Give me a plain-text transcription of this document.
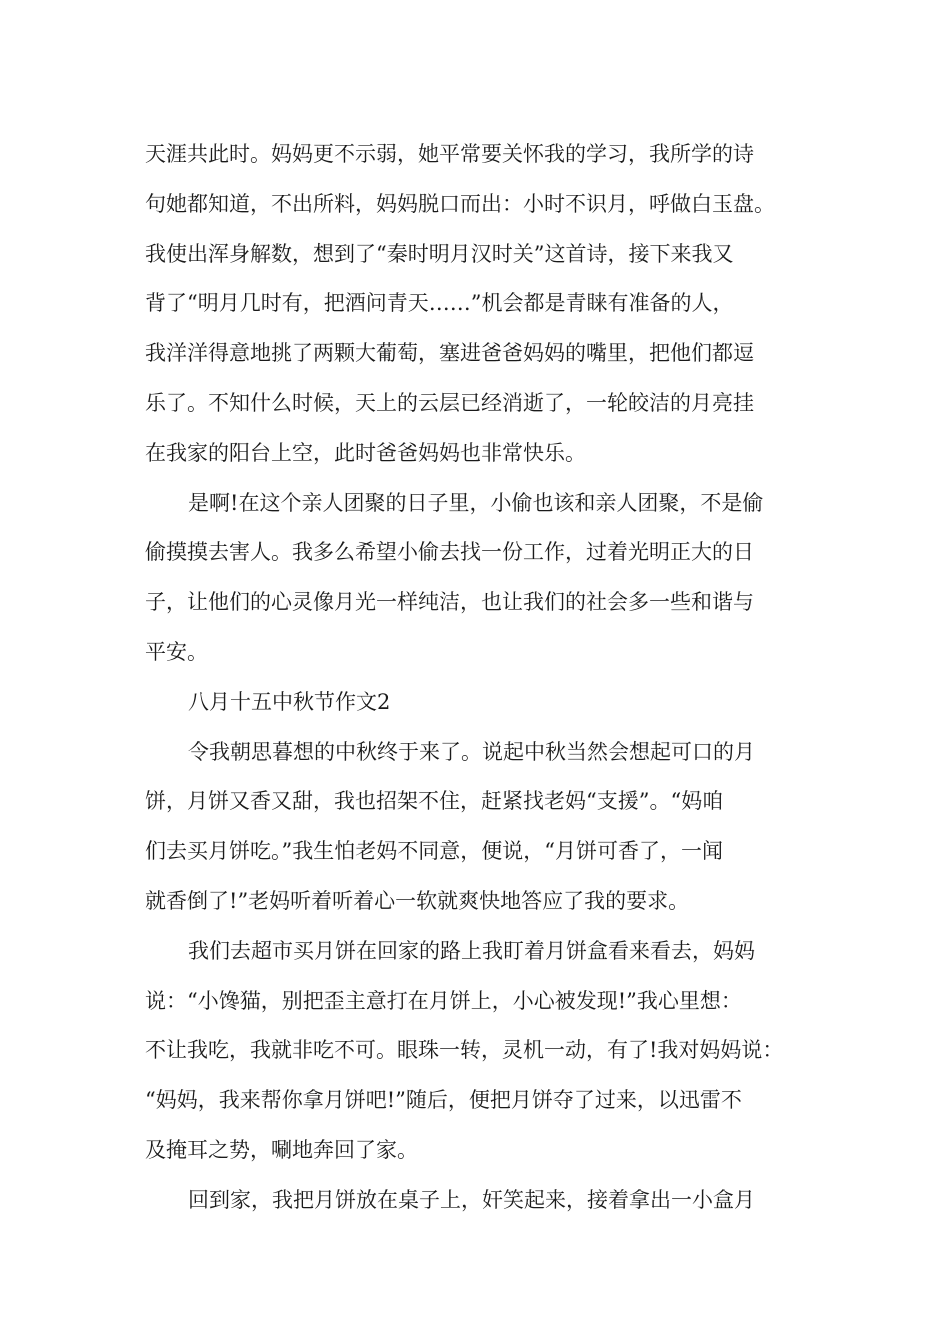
天涯共此时。妈妈更不示弱，她平常要关怀我的学习，我所学的诗
句她都知道，不出所料，妈妈脱口而出：小时不识月，呼做白玉盘。
我使出浑身解数，想到了“秦时明月汉时关”这首诗，接下来我又
背了“明月几时有，把酒问青天……”机会都是青睐有准备的人，
我洋洋得意地挑了两颗大葡萄，塞进爸爸妈妈的嘴里，把他们都逗
乐了。不知什么时候，天上的云层已经消逝了，一轮皎洁的月亮挂
在我家的阳台上空，此时爸爸妈妈也非常快乐。
是啊!在这个亲人团聚的日子里，小偷也该和亲人团聚，不是偷
偷摸摸去害人。我多么希望小偷去找一份工作，过着光明正大的日
子，让他们的心灵像月光一样纯洁，也让我们的社会多一些和谐与
平安。
八月十五中秋节作文2
令我朝思暮想的中秋终于来了。说起中秋当然会想起可口的月
饼，月饼又香又甜，我也招架不住，赶紧找老妈“支援”。“妈咱
们去买月饼吃。”我生怕老妈不同意，便说，“月饼可香了，一闻
就香倒了!”老妈听着听着心一软就爽快地答应了我的要求。
我们去超市买月饼在回家的路上我盯着月饼盒看来看去，妈妈
说：“小馋猫，别把歪主意打在月饼上，小心被发现!”我心里想：
不让我吃，我就非吃不可。眼珠一转，灵机一动，有了!我对妈妈说：
“妈妈，我来帮你拿月饼吧!”随后，便把月饼夺了过来，以迅雷不
及掩耳之势，唰地奔回了家。
回到家，我把月饼放在桌子上，奸笑起来，接着拿出一小盒月
